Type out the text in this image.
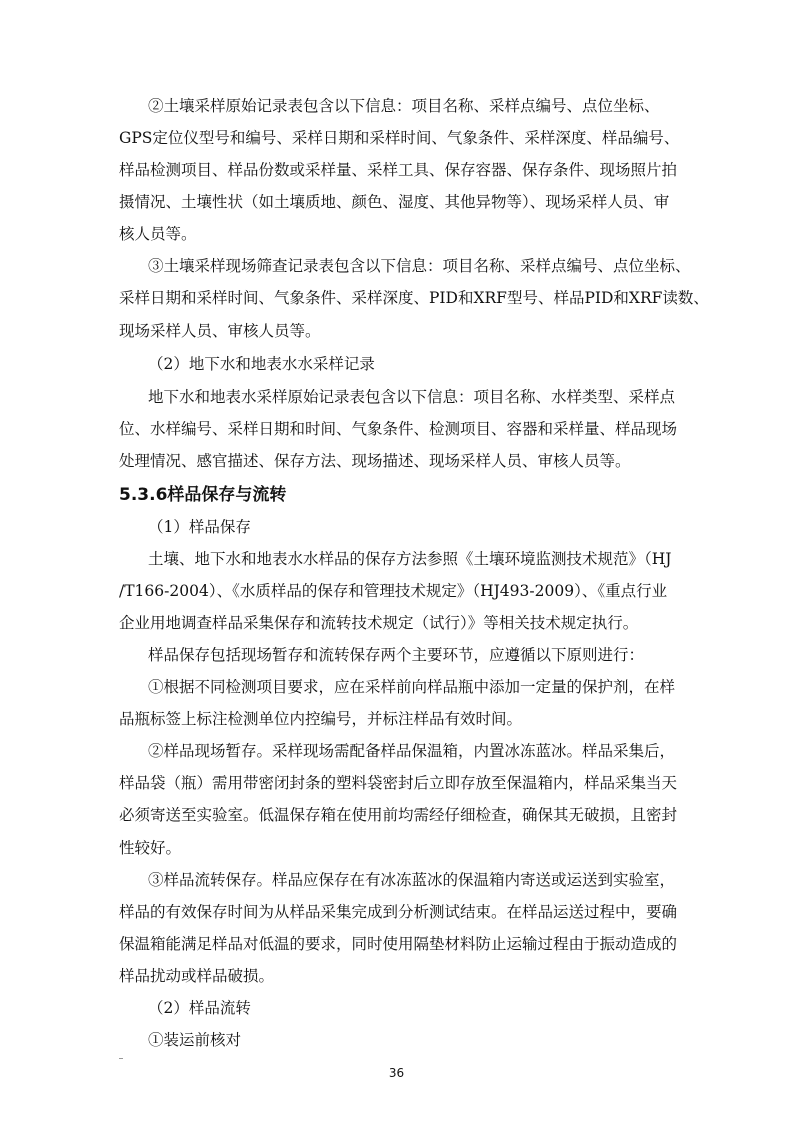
②土壤采样原始记录表包含以下信息：项目名称、采样点编号、点位坐标、
GPS定位仪型号和编号、采样日期和采样时间、气象条件、采样深度、样品编号、
样品检测项目、样品份数或采样量、采样工具、保存容器、保存条件、现场照片拍
摄情况、土壤性状（如土壤质地、颜色、湿度、其他异物等）、现场采样人员、审
核人员等。
③土壤采样现场筛查记录表包含以下信息：项目名称、采样点编号、点位坐标、
采样日期和采样时间、气象条件、采样深度、PID和XRF型号、样品PID和XRF读数、
现场采样人员、审核人员等。
（2）地下水和地表水水采样记录
地下水和地表水采样原始记录表包含以下信息：项目名称、水样类型、采样点
位、水样编号、采样日期和时间、气象条件、检测项目、容器和采样量、样品现场
处理情况、感官描述、保存方法、现场描述、现场采样人员、审核人员等。
5.3.6样品保存与流转
（1）样品保存
土壤、地下水和地表水水样品的保存方法参照《土壤环境监测技术规范》（HJ
/T166-2004）、《水质样品的保存和管理技术规定》（HJ493-2009）、《重点行业
企业用地调查样品采集保存和流转技术规定（试行）》等相关技术规定执行。
样品保存包括现场暂存和流转保存两个主要环节，应遵循以下原则进行：
①根据不同检测项目要求，应在采样前向样品瓶中添加一定量的保护剂，在样
品瓶标签上标注检测单位内控编号，并标注样品有效时间。
②样品现场暂存。采样现场需配备样品保温箱，内置冰冻蓝冰。样品采集后，
样品袋（瓶）需用带密闭封条的塑料袋密封后立即存放至保温箱内，样品采集当天
必须寄送至实验室。低温保存箱在使用前均需经仔细检查，确保其无破损，且密封
性较好。
③样品流转保存。样品应保存在有冰冻蓝冰的保温箱内寄送或运送到实验室，
样品的有效保存时间为从样品采集完成到分析测试结束。在样品运送过程中，要确
保温箱能满足样品对低温的要求，同时使用隔垫材料防止运输过程由于振动造成的
样品扰动或样品破损。
（2）样品流转
①装运前核对
36
